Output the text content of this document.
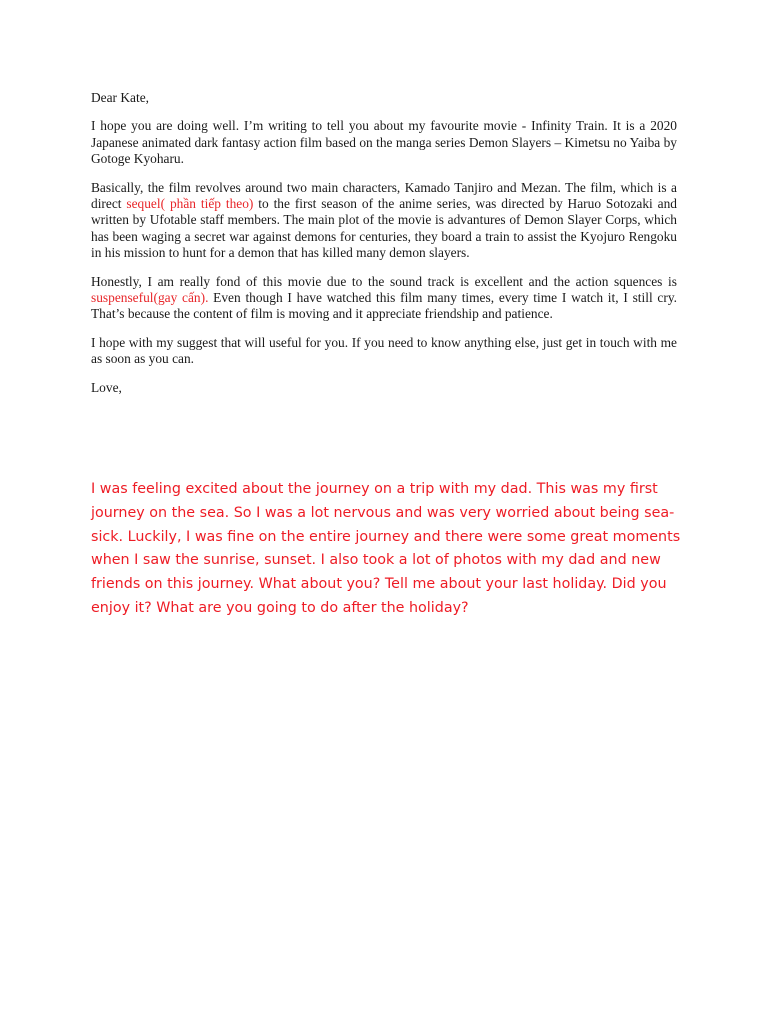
Dear Kate,

I hope you are doing well. I’m writing to tell you about my favourite movie - Infinity Train. It is a 2020 Japanese animated dark fantasy action film based on the manga series Demon Slayers – Kimetsu no Yaiba by Gotoge Kyoharu.

Basically, the film revolves around two main characters, Kamado Tanjiro and Mezan. The film, which is a direct sequel( phần tiếp theo) to the first season of the anime series, was directed by Haruo Sotozaki and written by Ufotable staff members. The main plot of the movie is advantures of Demon Slayer Corps, which has been waging a secret war against demons for centuries, they board a train to assist the Kyojuro Rengoku in his mission to hunt for a demon that has killed many demon slayers.

Honestly, I am really fond of this movie due to the sound track is excellent and the action squences is suspenseful(gay cấn). Even though I have watched this film many times, every time I watch it, I still cry. That’s because the content of film is moving and it appreciate friendship and patience.

I hope with my suggest that will useful for you. If you need to know anything else, just get in touch with me as soon as you can.

Love,

I was feeling excited about the journey on a trip with my dad. This was my first journey on the sea. So I was a lot nervous and was very worried about being sea-sick. Luckily, I was fine on the entire journey and there were some great moments when I saw the sunrise, sunset. I also took a lot of photos with my dad and new friends on this journey. What about you? Tell me about your last holiday. Did you enjoy it? What are you going to do after the holiday?
